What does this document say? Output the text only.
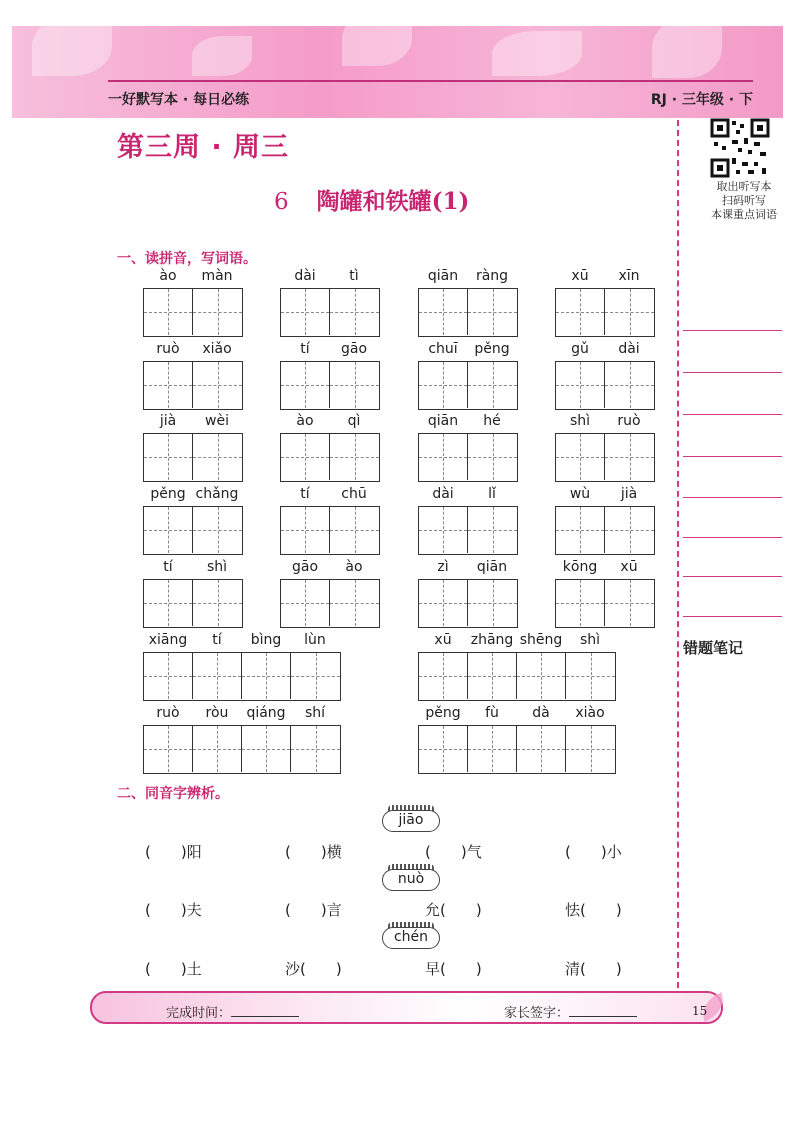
一好默写本 · 每日必练	RJ · 三年级 · 下
第三周 · 周三
6 陶罐和铁罐(1)
取出听写本
扫码听写
本课重点词语
错题笔记
一、读拼音，写词语。
ào	màn	dài	tì	qiān	ràng	xū	xīn
ruò	xiǎo	tí	gāo	chuī	pěng	gǔ	dài
jià	wèi	ào	qì	qiān	hé	shì	ruò
pěng chǎng	tí	chū	dài	lǐ	wù	jià
tí	shì	gāo	ào	zì	qiān	kōng	xū
xiāng	tí	bìng	lùn	xū	zhāng shēng	shì
ruò	ròu	qiáng	shí	pěng	fù	dà	xiào
二、同音字辨析。
jiāo
(　　)阳	(　　)横	(　　)气	(　　)小
nuò
(　　)夫	(　　)言	允(　　)	怯(　　)
chén
(　　)土	沙(　　)	早(　　)	清(　　)
完成时间：	家长签字：	15
